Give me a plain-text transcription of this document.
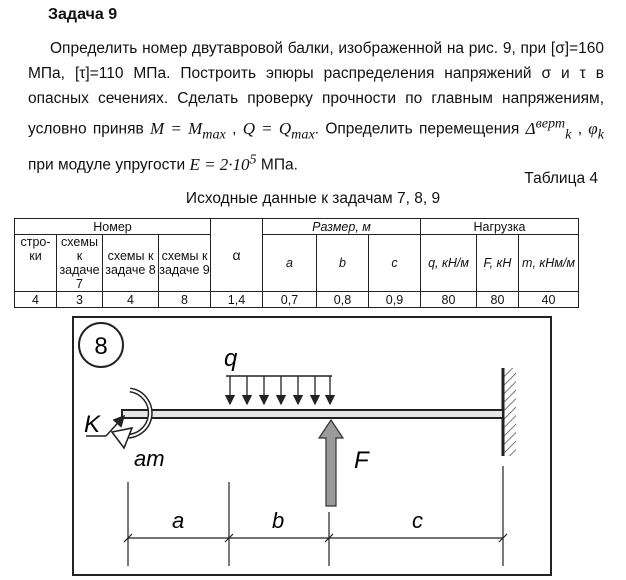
Задача 9
Определить номер двутавровой балки, изображенной на рис. 9, при [σ]=160 МПа, [τ]=110 МПа. Построить эпюры распределения напряжений σ и τ в опасных сечениях. Сделать проверку прочности по главным напряжениям, условно приняв $M = M_{max}$ , $Q = Q_{max}$. Определить перемещения $\Delta^{верт}_k$ , $\varphi_k$ при модуле упругости $E = 2\cdot 10^5$ МПа.
Таблица 4
Исходные данные к задачам 7, 8, 9
Номер				α	Размер, м			Нагрузка		
стро-ки	схемы к задаче 7	схемы к задаче 8	схемы к задаче 9		a	b	c	q, кН/м	F, кН	m, кНм/м
4	3	4	8	1,4	0,7	0,8	0,9	80	80	40
8	q
am
K
F
a	b	c
